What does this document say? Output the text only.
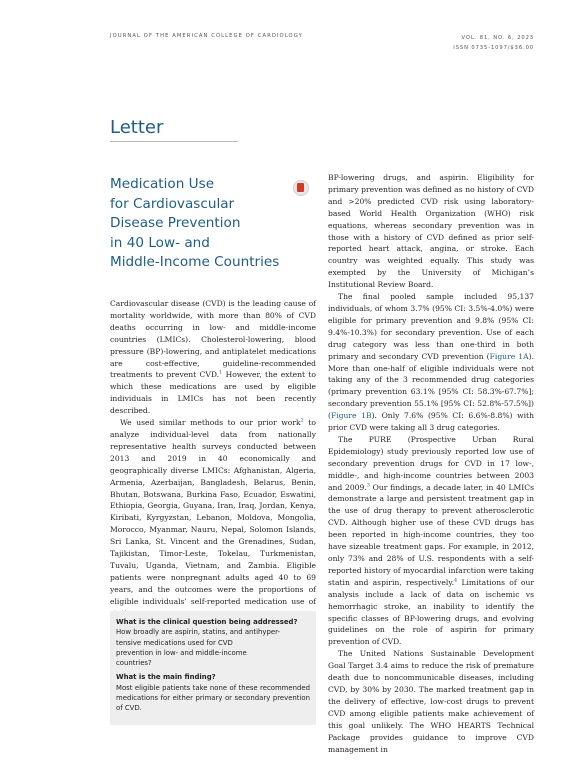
JOURNAL OF THE AMERICAN COLLEGE OF CARDIOLOGY	VOL. 81, NO. 6, 2023
ISSN 0735-1097/$36.00
Letter
Medication Use
for Cardiovascular
Disease Prevention
in 40 Low- and
Middle-Income Countries

Cardiovascular disease (CVD) is the leading cause of mortality worldwide, with more than 80% of CVD deaths occurring in low- and middle-income countries (LMICs). Cholesterol-lowering, blood pressure (BP)-lowering, and antiplatelet medications are cost-effective, guideline-recommended treatments to prevent CVD.$^1$ However, the extent to which these medications are used by eligible individuals in LMICs has not been recently described.

We used similar methods to our prior work$^2$ to analyze individual-level data from nationally representative health surveys conducted between 2013 and 2019 in 40 economically and geographically diverse LMICs: Afghanistan, Algeria, Armenia, Azerbaijan, Bangladesh, Belarus, Benin, Bhutan, Botswana, Burkina Faso, Ecuador, Eswatini, Ethiopia, Georgia, Guyana, Iran, Iraq, Jordan, Kenya, Kiribati, Kyrgyzstan, Lebanon, Moldova, Mongolia, Morocco, Myanmar, Nauru, Nepal, Solomon Islands, Sri Lanka, St. Vincent and the Grenadines, Sudan, Tajikistan, Timor-Leste, Tokelau, Turkmenistan, Tuvalu, Uganda, Vietnam, and Zambia. Eligible patients were nonpregnant adults aged 40 to 69 years, and the outcomes were the proportions of eligible individuals’ self-reported medication use of

BP-lowering drugs, and aspirin. Eligibility for primary prevention was defined as no history of CVD and >20% predicted CVD risk using laboratory-based World Health Organization (WHO) risk equations, whereas secondary prevention was in those with a history of CVD defined as prior self-reported heart attack, angina, or stroke. Each country was weighted equally. This study was exempted by the University of Michigan’s Institutional Review Board.

The final pooled sample included 95,137 individuals, of whom 3.7% (95% CI: 3.5%-4.0%) were eligible for primary prevention and 9.8% (95% CI: 9.4%-10.3%) for secondary prevention. Use of each drug category was less than one-third in both primary and secondary CVD prevention (Figure 1A). More than one-half of eligible individuals were not taking any of the 3 recommended drug categories (primary prevention 63.1% [95% CI: 58.3%-67.7%]; secondary prevention 55.1% [95% CI: 52.8%-57.5%]) (Figure 1B). Only 7.6% (95% CI: 6.6%-8.8%) with prior CVD were taking all 3 drug categories.

The PURE (Prospective Urban Rural Epidemiology) study previously reported low use of secondary prevention drugs for CVD in 17 low-, middle-, and high-income countries between 2003 and 2009.$^3$ Our findings, a decade later, in 40 LMICs demonstrate a large and persistent treatment gap in the use of drug therapy to prevent atherosclerotic CVD. Although higher use of these CVD drugs has been reported in high-income countries, they too have sizeable treatment gaps. For example, in 2012, only 73% and 28% of U.S. respondents with a self-reported history of myocardial infarction were taking statin and aspirin, respectively.$^4$ Limitations of our analysis include a lack of data on ischemic vs hemorrhagic stroke, an inability to identify the specific classes of BP-lowering drugs, and evolving guidelines on the role of aspirin for primary prevention of CVD.

The United Nations Sustainable Development Goal Target 3.4 aims to reduce the risk of premature death due to noncommunicable diseases, including CVD, by 30% by 2030. The marked treatment gap in the delivery of effective, low-cost drugs to prevent CVD among eligible patients make achievement of this goal unlikely. The WHO HEARTS Technical Package provides guidance to improve CVD management in

What is the clinical question being addressed?
How broadly are aspirin, statins, and antihyper-
tensive medications used for CVD
prevention in low- and middle-income
countries?
What is the main finding?
Most eligible patients take none of these recommended medications for either primary or secondary prevention of CVD.
